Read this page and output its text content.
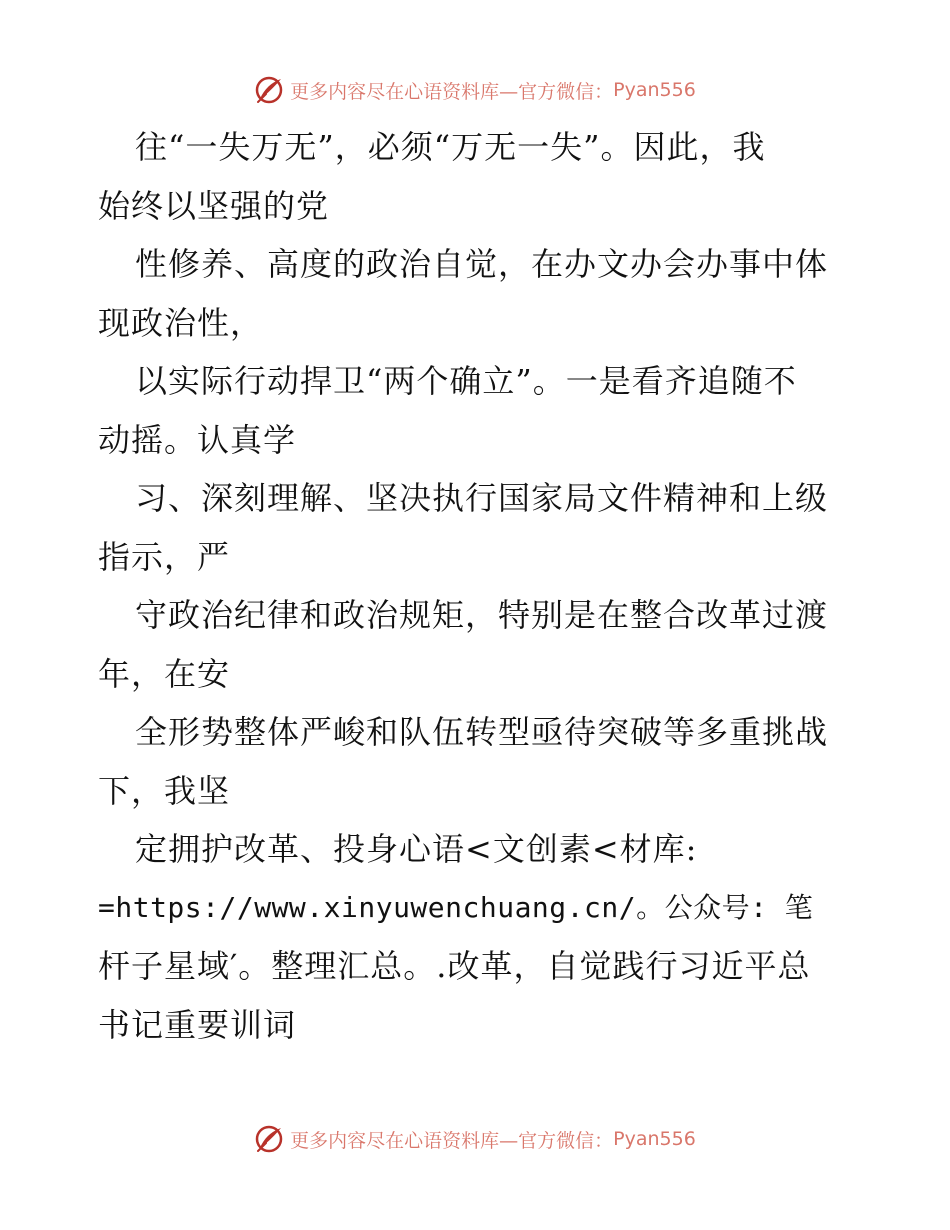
更多内容尽在心语资料库—官方微信： Pyan556
往“一失万无”，必须“万无一失”。因此，我
始终以坚强的党
性修养、高度的政治自觉，在办文办会办事中体
现政治性，
以实际行动捍卫“两个确立”。一是看齐追随不
动摇。认真学
习、深刻理解、坚决执行国家局文件精神和上级
指示，严
守政治纪律和政治规矩，特别是在整合改革过渡
年，在安
全形势整体严峻和队伍转型亟待突破等多重挑战
下，我坚
定拥护改革、投身心语<文创素<材库:
=https://www.xinyuwenchuang.cn/。公众号: 笔
杆子星域′。整理汇总。.改革，自觉践行习近平总
书记重要训词
更多内容尽在心语资料库—官方微信： Pyan556
